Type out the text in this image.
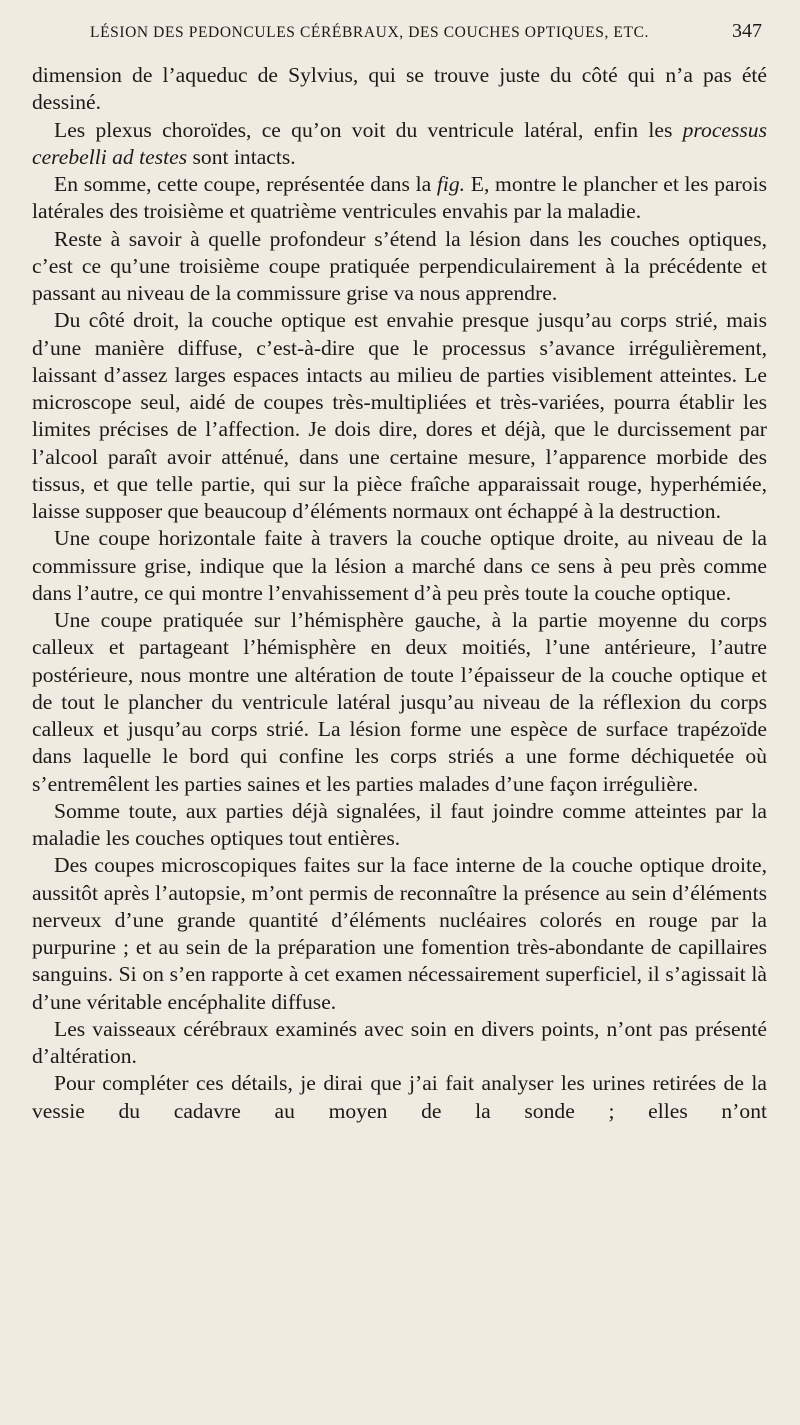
LÉSION DES PEDONCULES CÉRÉBRAUX, DES COUCHES OPTIQUES, ETC.	347

dimension de l’aqueduc de Sylvius, qui se trouve juste du côté qui n’a pas été dessiné.

Les plexus choroïdes, ce qu’on voit du ventricule latéral, enfin les processus cerebelli ad testes sont intacts.

En somme, cette coupe, représentée dans la fig. E, montre le plancher et les parois latérales des troisième et quatrième ventricules envahis par la maladie.

Reste à savoir à quelle profondeur s’étend la lésion dans les couches optiques, c’est ce qu’une troisième coupe pratiquée perpendiculairement à la précédente et passant au niveau de la commissure grise va nous apprendre.

Du côté droit, la couche optique est envahie presque jusqu’au corps strié, mais d’une manière diffuse, c’est-à-dire que le processus s’avance irrégulièrement, laissant d’assez larges espaces intacts au milieu de parties visiblement atteintes. Le microscope seul, aidé de coupes très-multipliées et très-variées, pourra établir les limites précises de l’affection. Je dois dire, dores et déjà, que le durcissement par l’alcool paraît avoir atténué, dans une certaine mesure, l’apparence morbide des tissus, et que telle partie, qui sur la pièce fraîche apparaissait rouge, hyperhémiée, laisse supposer que beaucoup d’éléments normaux ont échappé à la destruction.

Une coupe horizontale faite à travers la couche optique droite, au niveau de la commissure grise, indique que la lésion a marché dans ce sens à peu près comme dans l’autre, ce qui montre l’envahissement d’à peu près toute la couche optique.

Une coupe pratiquée sur l’hémisphère gauche, à la partie moyenne du corps calleux et partageant l’hémisphère en deux moitiés, l’une antérieure, l’autre postérieure, nous montre une altération de toute l’épaisseur de la couche optique et de tout le plancher du ventricule latéral jusqu’au niveau de la réflexion du corps calleux et jusqu’au corps strié. La lésion forme une espèce de surface trapézoïde dans laquelle le bord qui confine les corps striés a une forme déchiquetée où s’entremêlent les parties saines et les parties malades d’une façon irrégulière.

Somme toute, aux parties déjà signalées, il faut joindre comme atteintes par la maladie les couches optiques tout entières.

Des coupes microscopiques faites sur la face interne de la couche optique droite, aussitôt après l’autopsie, m’ont permis de reconnaître la présence au sein d’éléments nerveux d’une grande quantité d’éléments nucléaires colorés en rouge par la purpurine ; et au sein de la préparation une fomention très-abondante de capillaires sanguins. Si on s’en rapporte à cet examen nécessairement superficiel, il s’agissait là d’une véritable encéphalite diffuse.

Les vaisseaux cérébraux examinés avec soin en divers points, n’ont pas présenté d’altération.

Pour compléter ces détails, je dirai que j’ai fait analyser les urines retirées de la vessie du cadavre au moyen de la sonde ; elles n’ont
